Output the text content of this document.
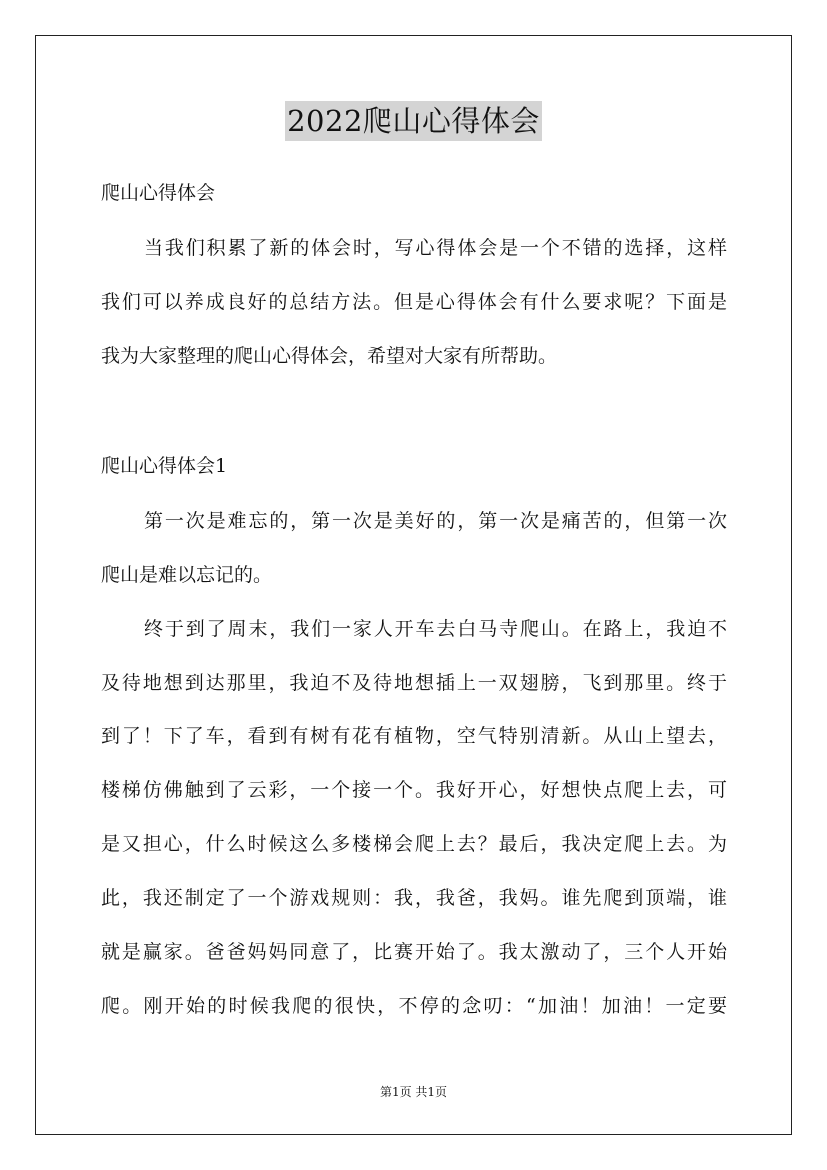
2022爬山心得体会
爬山心得体会
当我们积累了新的体会时，写心得体会是一个不错的选择，这样
我们可以养成良好的总结方法。但是心得体会有什么要求呢？下面是
我为大家整理的爬山心得体会，希望对大家有所帮助。
爬山心得体会1
第一次是难忘的，第一次是美好的，第一次是痛苦的，但第一次
爬山是难以忘记的。
终于到了周末，我们一家人开车去白马寺爬山。在路上，我迫不
及待地想到达那里，我迫不及待地想插上一双翅膀，飞到那里。终于
到了！下了车，看到有树有花有植物，空气特别清新。从山上望去，
楼梯仿佛触到了云彩，一个接一个。我好开心，好想快点爬上去，可
是又担心，什么时候这么多楼梯会爬上去？最后，我决定爬上去。为
此，我还制定了一个游戏规则：我，我爸，我妈。谁先爬到顶端，谁
就是赢家。爸爸妈妈同意了，比赛开始了。我太激动了，三个人开始
爬。刚开始的时候我爬的很快，不停的念叨：“加油！加油！一定要
第1页 共1页
